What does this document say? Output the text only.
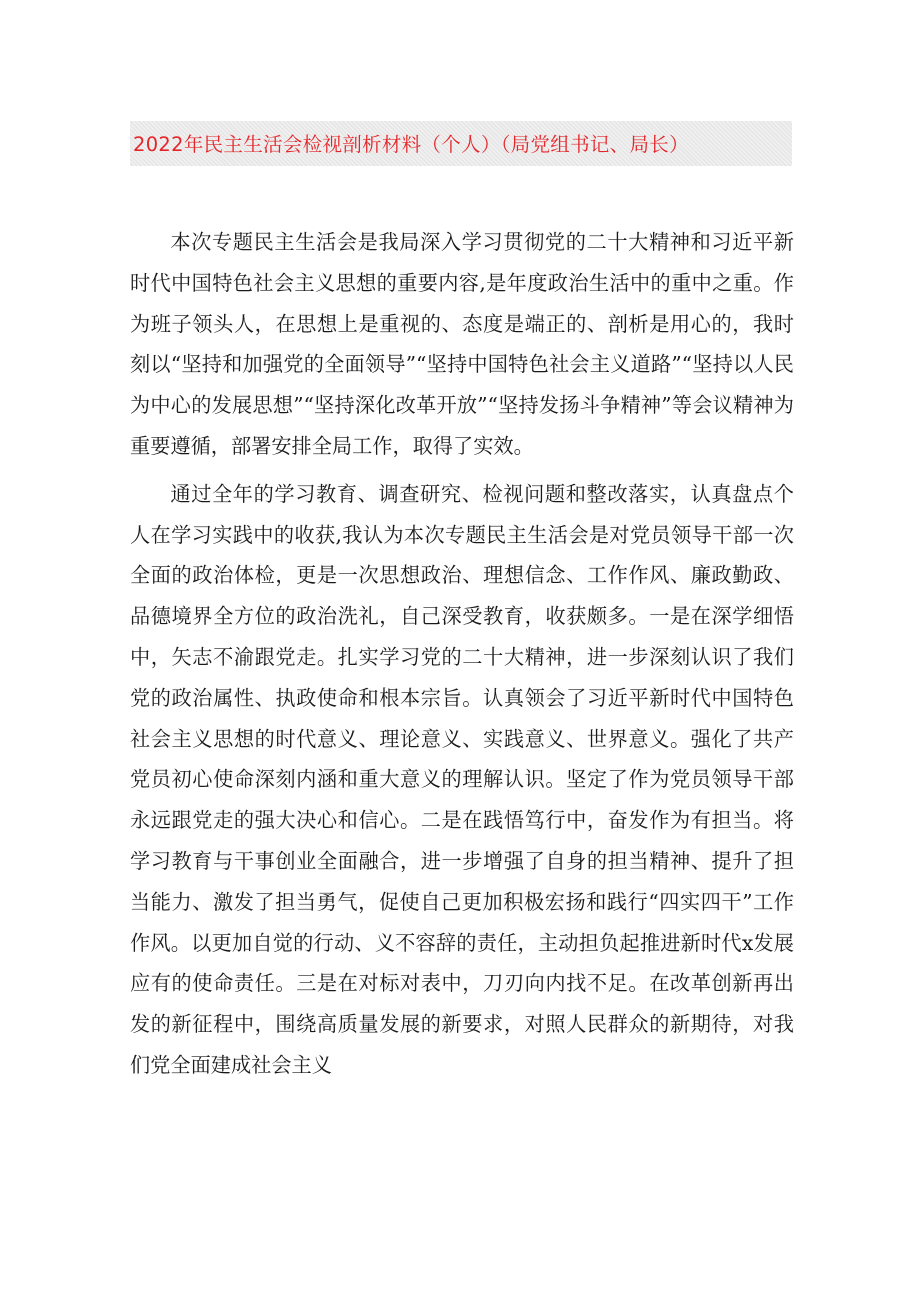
2022年民主生活会检视剖析材料（个人）（局党组书记、局长）

本次专题民主生活会是我局深入学习贯彻党的二十大精神和习近平新时代中国特色社会主义思想的重要内容,是年度政治生活中的重中之重。作为班子领头人，在思想上是重视的、态度是端正的、剖析是用心的，我时刻以“坚持和加强党的全面领导”“坚持中国特色社会主义道路”“坚持以人民为中心的发展思想”“坚持深化改革开放”“坚持发扬斗争精神”等会议精神为重要遵循，部署安排全局工作，取得了实效。

通过全年的学习教育、调查研究、检视问题和整改落实，认真盘点个人在学习实践中的收获,我认为本次专题民主生活会是对党员领导干部一次全面的政治体检，更是一次思想政治、理想信念、工作作风、廉政勤政、品德境界全方位的政治洗礼，自己深受教育，收获颇多。一是在深学细悟中，矢志不渝跟党走。扎实学习党的二十大精神，进一步深刻认识了我们党的政治属性、执政使命和根本宗旨。认真领会了习近平新时代中国特色社会主义思想的时代意义、理论意义、实践意义、世界意义。强化了共产党员初心使命深刻内涵和重大意义的理解认识。坚定了作为党员领导干部永远跟党走的强大决心和信心。二是在践悟笃行中，奋发作为有担当。将学习教育与干事创业全面融合，进一步增强了自身的担当精神、提升了担当能力、激发了担当勇气，促使自己更加积极宏扬和践行“四实四干”工作作风。以更加自觉的行动、义不容辞的责任，主动担负起推进新时代x发展应有的使命责任。三是在对标对表中，刀刃向内找不足。在改革创新再出发的新征程中，围绕高质量发展的新要求，对照人民群众的新期待，对我们党全面建成社会主义
